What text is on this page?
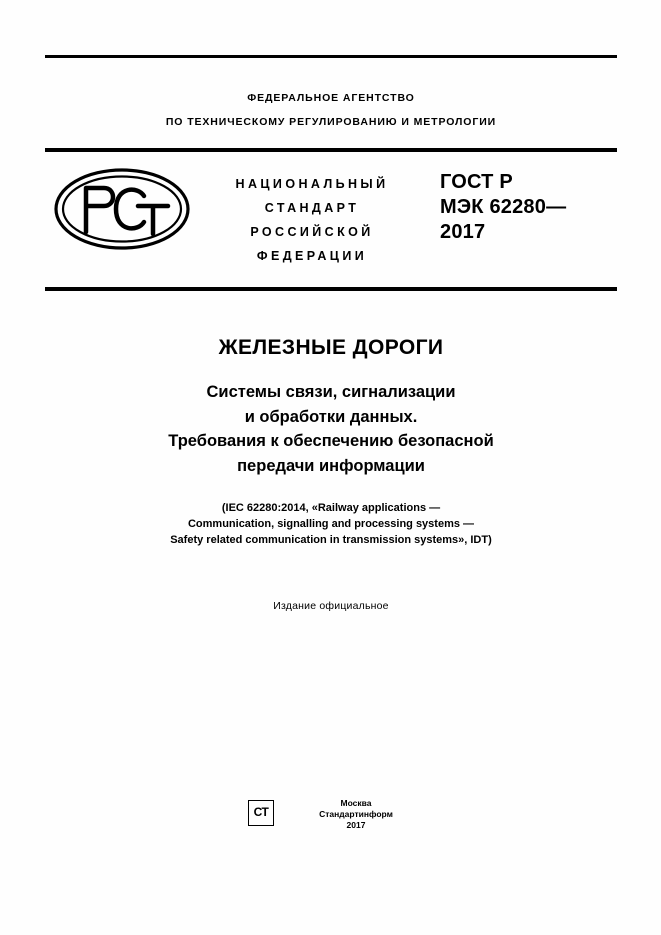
ФЕДЕРАЛЬНОЕ АГЕНТСТВО
ПО ТЕХНИЧЕСКОМУ РЕГУЛИРОВАНИЮ И МЕТРОЛОГИИ
НАЦИОНАЛЬНЫЙ
СТАНДАРТ
РОССИЙСКОЙ
ФЕДЕРАЦИИ
ГОСТ Р
МЭК 62280—
2017
ЖЕЛЕЗНЫЕ ДОРОГИ
Системы связи, сигнализации
и обработки данных.
Требования к обеспечению безопасной
передачи информации
(IEC 62280:2014, «Railway applications —
Communication, signalling and processing systems —
Safety related communication in transmission systems», IDT)
Издание официальное
СТ
Москва
Стандартинформ
2017
